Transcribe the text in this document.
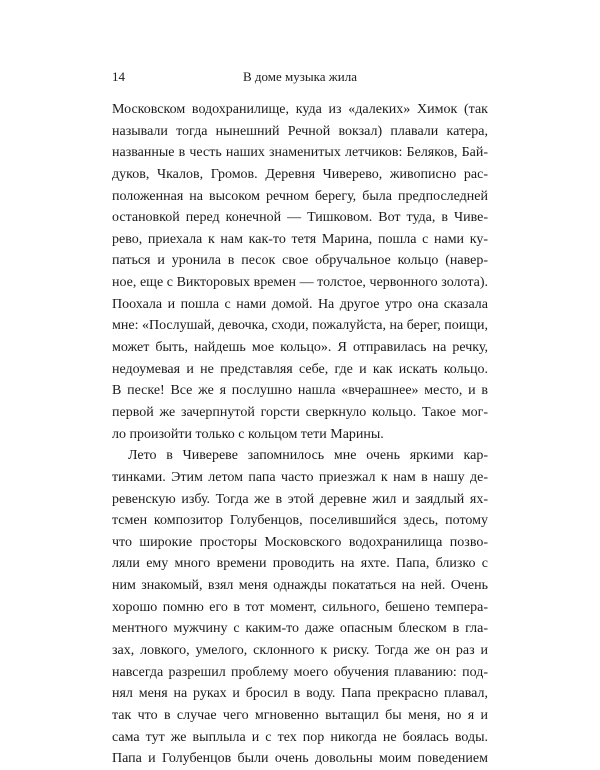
14	В доме музыка жила
Московском водохранилище, куда из «далеких» Химок (так
называли тогда нынешний Речной вокзал) плавали катера,
названные в честь наших знаменитых летчиков: Беляков, Бай-
дуков, Чкалов, Громов. Деревня Чиверево, живописно рас-
положенная на высоком речном берегу, была предпоследней
остановкой перед конечной — Тишковом. Вот туда, в Чиве-
рево, приехала к нам как-то тетя Марина, пошла с нами ку-
паться и уронила в песок свое обручальное кольцо (навер-
ное, еще с Викторовых времен — толстое, червонного золота).
Поохала и пошла с нами домой. На другое утро она сказала
мне: «Послушай, девочка, сходи, пожалуйста, на берег, поищи,
может быть, найдешь мое кольцо». Я отправилась на речку,
недоумевая и не представляя себе, где и как искать кольцо.
В песке! Все же я послушно нашла «вчерашнее» место, и в
первой же зачерпнутой горсти сверкнуло кольцо. Такое мог-
ло произойти только с кольцом тети Марины.
Лето в Чиверeве запомнилось мне очень яркими кар-
тинками. Этим летом папа часто приезжал к нам в нашу де-
ревенскую избу. Тогда же в этой деревне жил и заядлый ях-
тсмен композитор Голубенцов, поселившийся здесь, потому
что широкие просторы Московского водохранилища позво-
ляли ему много времени проводить на яхте. Папа, близко с
ним знакомый, взял меня однажды покататься на ней. Очень
хорошо помню его в тот момент, сильного, бешено темпера-
ментного мужчину с каким-то даже опасным блеском в гла-
зах, ловкого, умелого, склонного к риску. Тогда же он раз и
навсегда разрешил проблему моего обучения плаванию: под-
нял меня на руках и бросил в воду. Папа прекрасно плавал,
так что в случае чего мгновенно вытащил бы меня, но я и
сама тут же выплыла и с тех пор никогда не боялась воды.
Папа и Голубенцов были очень довольны моим поведением
